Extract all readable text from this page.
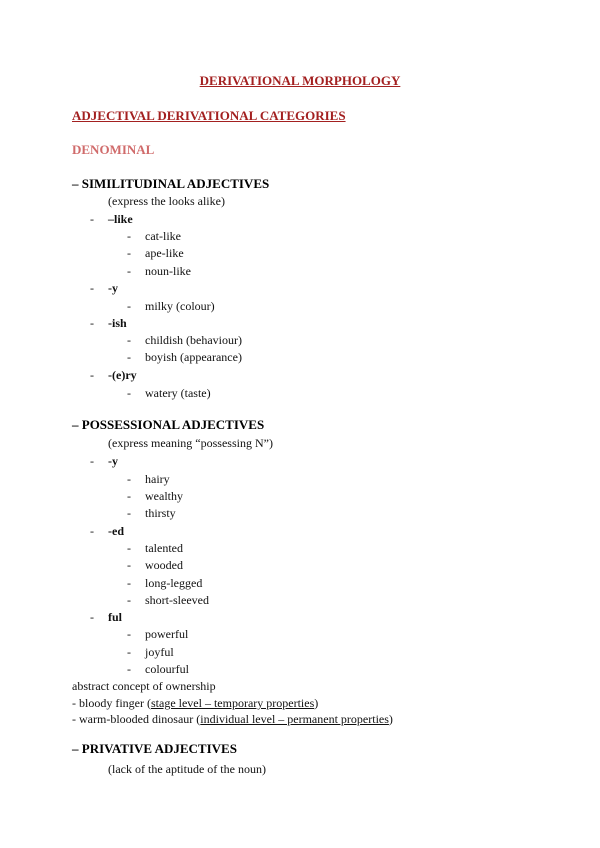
DERIVATIONAL MORPHOLOGY
ADJECTIVAL DERIVATIONAL CATEGORIES
DENOMINAL
– SIMILITUDINAL ADJECTIVES
(express the looks alike)
- –like
- cat-like
- ape-like
- noun-like
- -y
- milky (colour)
- -ish
- childish (behaviour)
- boyish (appearance)
- -(e)ry
- watery (taste)
– POSSESSIONAL ADJECTIVES
(express meaning “possessing N”)
- -y
- hairy
- wealthy
- thirsty
- -ed
- talented
- wooded
- long-legged
- short-sleeved
- ful
- powerful
- joyful
- colourful
abstract concept of ownership
- bloody finger (stage level – temporary properties)
- warm-blooded dinosaur (individual level – permanent properties)
– PRIVATIVE ADJECTIVES
(lack of the aptitude of the noun)
